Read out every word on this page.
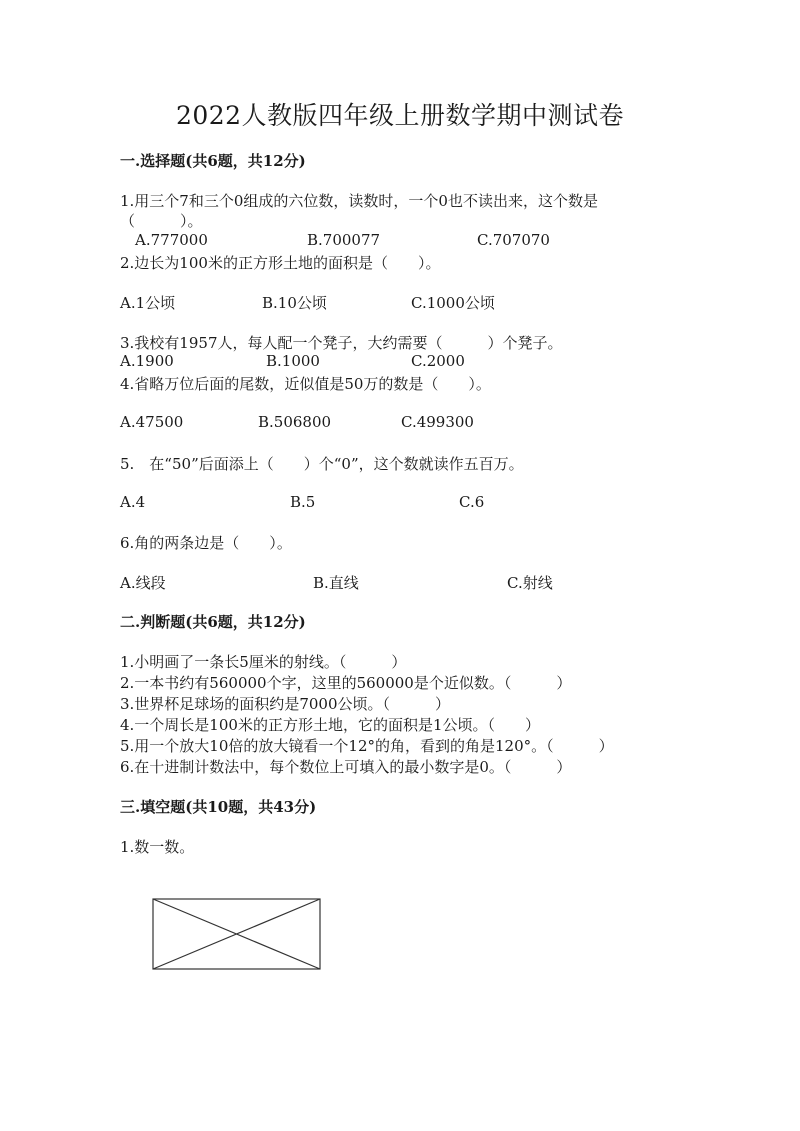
2022人教版四年级上册数学期中测试卷
一.选择题(共6题，共12分)
1.用三个7和三个0组成的六位数，读数时，一个0也不读出来，这个数是
（　　　）。
A.777000	B.700077	C.707070
2.边长为100米的正方形土地的面积是（　　）。
A.1公顷	B.10公顷	C.1000公顷
3.我校有1957人，每人配一个凳子，大约需要（　　　）个凳子。
A.1900	B.1000	C.2000
4.省略万位后面的尾数，近似值是50万的数是（　　）。
A.47500	B.506800	C.499300
5.　在“50”后面添上（　　）个“0”，这个数就读作五百万。
A.4	B.5	C.6
6.角的两条边是（　　）。
A.线段	B.直线	C.射线
二.判断题(共6题，共12分)
1.小明画了一条长5厘米的射线。（　　　）
2.一本书约有560000个字，这里的560000是个近似数。（　　　）
3.世界杯足球场的面积约是7000公顷。（　　　）
4.一个周长是100米的正方形土地，它的面积是1公顷。（　　）
5.用一个放大10倍的放大镜看一个12°的角，看到的角是120°。（　　　）
6.在十进制计数法中，每个数位上可填入的最小数字是0。（　　　）
三.填空题(共10题，共43分)
1.数一数。
